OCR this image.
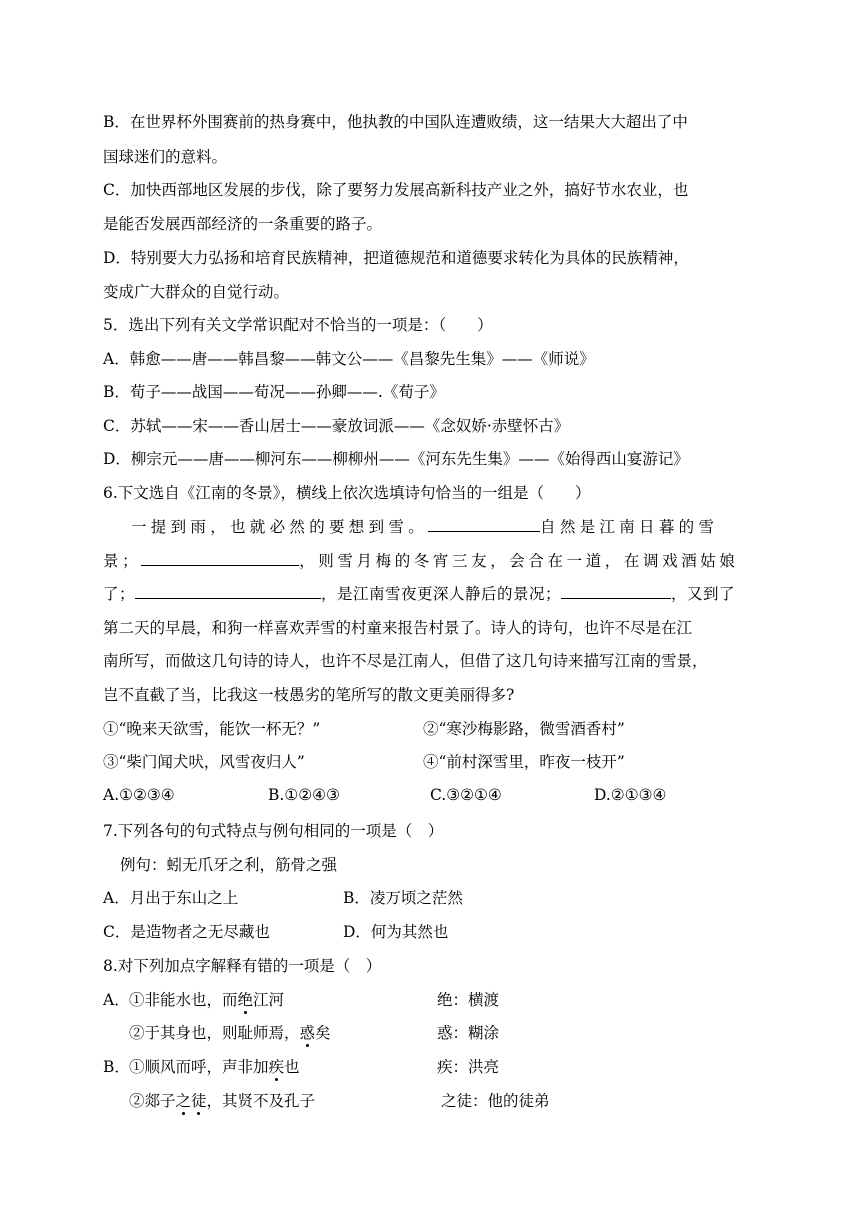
B．在世界杯外围赛前的热身赛中，他执教的中国队连遭败绩，这一结果大大超出了中
国球迷们的意料。
C．加快西部地区发展的步伐，除了要努力发展高新科技产业之外，搞好节水农业，也
是能否发展西部经济的一条重要的路子。
D．特别要大力弘扬和培育民族精神，把道德规范和道德要求转化为具体的民族精神，
变成广大群众的自觉行动。
5．选出下列有关文学常识配对不恰当的一项是：（　　）
A．韩愈——唐——韩昌黎——韩文公——《昌黎先生集》——《师说》
B．荀子——战国——荀况——孙卿——.《荀子》
C．苏轼——宋——香山居士——豪放词派——《念奴娇·赤壁怀古》
D．柳宗元——唐——柳河东——柳柳州——《河东先生集》——《始得西山宴游记》
6.下文选自《江南的冬景》，横线上依次选填诗句恰当的一组是（　　）
一提到雨，也就必然的要想到雪。	自然是江南日暮的雪
景；	，则雪月梅的冬宵三友，会合在一道，在调戏酒姑娘
了；	，是江南雪夜更深人静后的景况；	，又到了
第二天的早晨，和狗一样喜欢弄雪的村童来报告村景了。诗人的诗句，也许不尽是在江
南所写，而做这几句诗的诗人，也许不尽是江南人，但借了这几句诗来描写江南的雪景，
岂不直截了当，比我这一枝愚劣的笔所写的散文更美丽得多?
①“晚来天欲雪，能饮一杯无？”	②“寒沙梅影路，微雪酒香村”
③“柴门闻犬吠，风雪夜归人”	④“前村深雪里，昨夜一枝开”
A.①②③④	B.①②④③	C.③②①④	D.②①③④
7.下列各句的句式特点与例句相同的一项是（　）
例句：蚓无爪牙之利，筋骨之强
A．月出于东山之上	B．凌万顷之茫然
C．是造物者之无尽藏也	D．何为其然也
8.对下列加点字解释有错的一项是（　）
A． ①非能水也，而绝江河	绝：横渡
②于其身也，则耻师焉，惑矣	惑：糊涂
B． ①顺风而呼，声非加疾也	疾：洪亮
②郯子之徒，其贤不及孔子	之徒：他的徒弟
